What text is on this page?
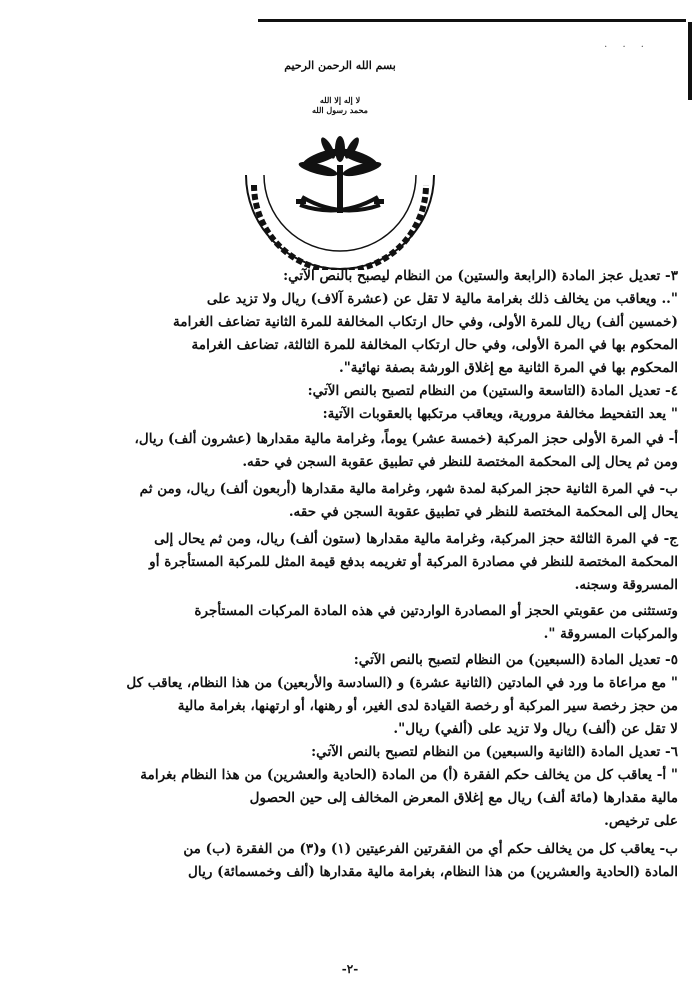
· · ·
بسم الله الرحمن الرحيم
لا إله إلا الله محمد رسول الله
٣- تعديل عجز المادة (الرابعة والستين) من النظام ليصبح بالنص الآتي:
".. ويعاقب من يخالف ذلك بغرامة مالية لا تقل عن (عشرة آلاف) ريال ولا تزيد على
(خمسين ألف) ريال للمرة الأولى، وفي حال ارتكاب المخالفة للمرة الثانية تضاعف الغرامة
المحكوم بها في المرة الأولى، وفي حال ارتكاب المخالفة للمرة الثالثة، تضاعف الغرامة
المحكوم بها في المرة الثانية مع إغلاق الورشة بصفة نهائية".
٤- تعديل المادة (التاسعة والستين) من النظام لتصبح بالنص الآتي:
" يعد التفحيط مخالفة مرورية، ويعاقب مرتكبها بالعقوبات الآتية:
أ- في المرة الأولى حجز المركبة (خمسة عشر) يوماً، وغرامة مالية مقدارها (عشرون ألف) ريال،
ومن ثم يحال إلى المحكمة المختصة للنظر في تطبيق عقوبة السجن في حقه.
ب- في المرة الثانية حجز المركبة لمدة شهر، وغرامة مالية مقدارها (أربعون ألف) ريال، ومن ثم
يحال إلى المحكمة المختصة للنظر في تطبيق عقوبة السجن في حقه.
ج- في المرة الثالثة حجز المركبة، وغرامة مالية مقدارها (ستون ألف) ريال، ومن ثم يحال إلى
المحكمة المختصة للنظر في مصادرة المركبة أو تغريمه بدفع قيمة المثل للمركبة المستأجرة أو
المسروقة وسجنه.
وتستثنى من عقوبتي الحجز أو المصادرة الواردتين في هذه المادة المركبات المستأجرة
والمركبات المسروقة ".
٥- تعديل المادة (السبعين) من النظام لتصبح بالنص الآتي:
" مع مراعاة ما ورد في المادتين (الثانية عشرة) و (السادسة والأربعين) من هذا النظام، يعاقب كل
من حجز رخصة سير المركبة أو رخصة القيادة لدى الغير، أو رهنها، أو ارتهنها، بغرامة مالية
لا تقل عن (ألف) ريال ولا تزيد على (ألفي) ريال".
٦- تعديل المادة (الثانية والسبعين) من النظام لتصبح بالنص الآتي:
" أ- يعاقب كل من يخالف حكم الفقرة (أ) من المادة (الحادية والعشرين) من هذا النظام بغرامة
مالية مقدارها (مائة ألف) ريال مع إغلاق المعرض المخالف إلى حين الحصول
على ترخيص.
ب- يعاقب كل من يخالف حكم أي من الفقرتين الفرعيتين (١) و(٣) من الفقرة (ب) من
المادة (الحادية والعشرين) من هذا النظام، بغرامة مالية مقدارها (ألف وخمسمائة) ريال
-٢-
